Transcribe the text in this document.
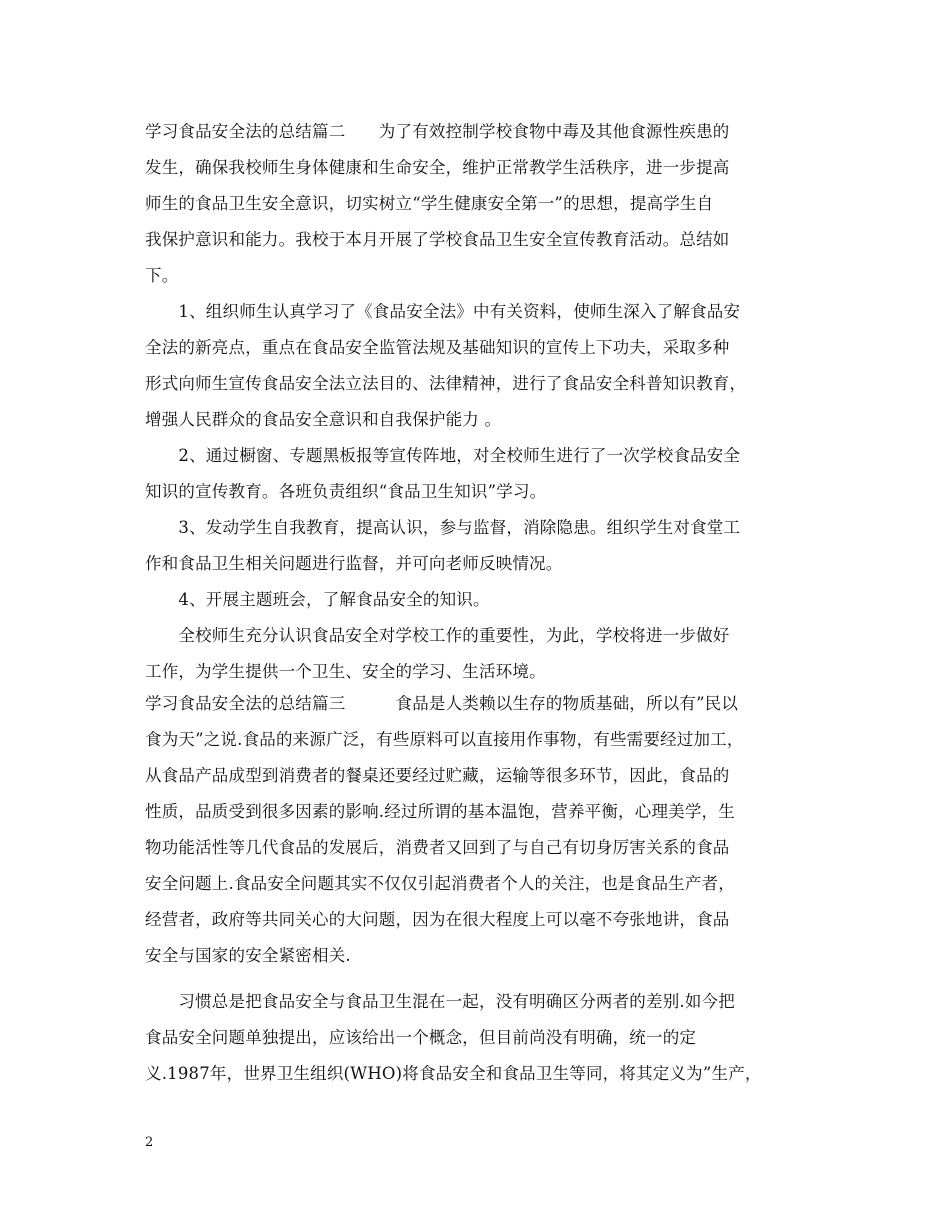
学习食品安全法的总结篇二　　为了有效控制学校食物中毒及其他食源性疾患的
发生，确保我校师生身体健康和生命安全，维护正常教学生活秩序，进一步提高
师生的食品卫生安全意识，切实树立“学生健康安全第一”的思想，提高学生自
我保护意识和能力。我校于本月开展了学校食品卫生安全宣传教育活动。总结如
下。
　　1、组织师生认真学习了《食品安全法》中有关资料，使师生深入了解食品安
全法的新亮点，重点在食品安全监管法规及基础知识的宣传上下功夫，采取多种
形式向师生宣传食品安全法立法目的、法律精神，进行了食品安全科普知识教育，
增强人民群众的食品安全意识和自我保护能力 。
　　2、通过橱窗、专题黑板报等宣传阵地，对全校师生进行了一次学校食品安全
知识的宣传教育。各班负责组织“食品卫生知识”学习。
　　3、发动学生自我教育，提高认识，参与监督，消除隐患。组织学生对食堂工
作和食品卫生相关问题进行监督，并可向老师反映情况。
　　4、开展主题班会，了解食品安全的知识。
　　全校师生充分认识食品安全对学校工作的重要性，为此，学校将进一步做好
工作，为学生提供一个卫生、安全的学习、生活环境。
学习食品安全法的总结篇三　　　食品是人类赖以生存的物质基础，所以有”民以
食为天”之说.食品的来源广泛，有些原料可以直接用作事物，有些需要经过加工，
从食品产品成型到消费者的餐桌还要经过贮藏，运输等很多环节，因此，食品的
性质，品质受到很多因素的影响.经过所谓的基本温饱，营养平衡，心理美学，生
物功能活性等几代食品的发展后，消费者又回到了与自己有切身厉害关系的食品
安全问题上.食品安全问题其实不仅仅引起消费者个人的关注，也是食品生产者，
经营者，政府等共同关心的大问题，因为在很大程度上可以毫不夸张地讲，食品
安全与国家的安全紧密相关.
　　习惯总是把食品安全与食品卫生混在一起，没有明确区分两者的差别.如今把
食品安全问题单独提出，应该给出一个概念，但目前尚没有明确，统一的定
义.1987年，世界卫生组织(WHO)将食品安全和食品卫生等同，将其定义为”生产，
2
